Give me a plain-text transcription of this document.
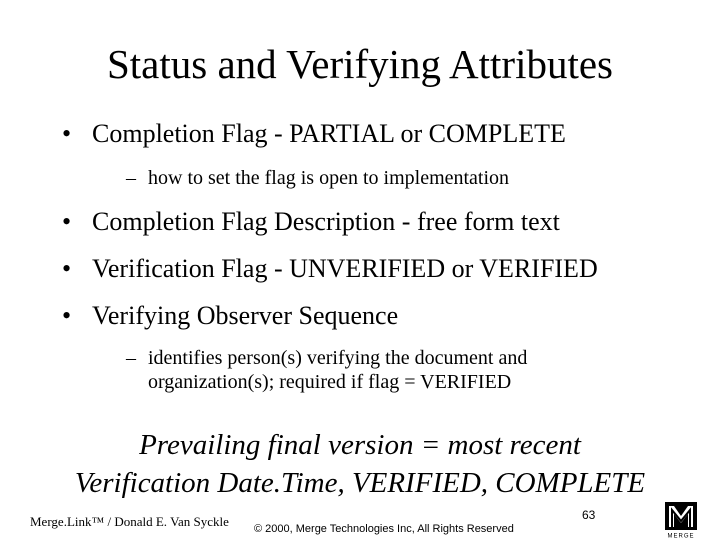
Status and Verifying Attributes
• Completion Flag - PARTIAL or COMPLETE
– how to set the flag is open to implementation
• Completion Flag Description - free form text
• Verification Flag - UNVERIFIED or VERIFIED
• Verifying Observer Sequence
– identifies person(s) verifying the document and
organization(s); required if flag = VERIFIED
Prevailing final version = most recent
Verification Date.Time, VERIFIED, COMPLETE
Merge.Link™ / Donald E. Van Syckle © 2000, Merge Technologies Inc, All Rights Reserved
63
MERGE
